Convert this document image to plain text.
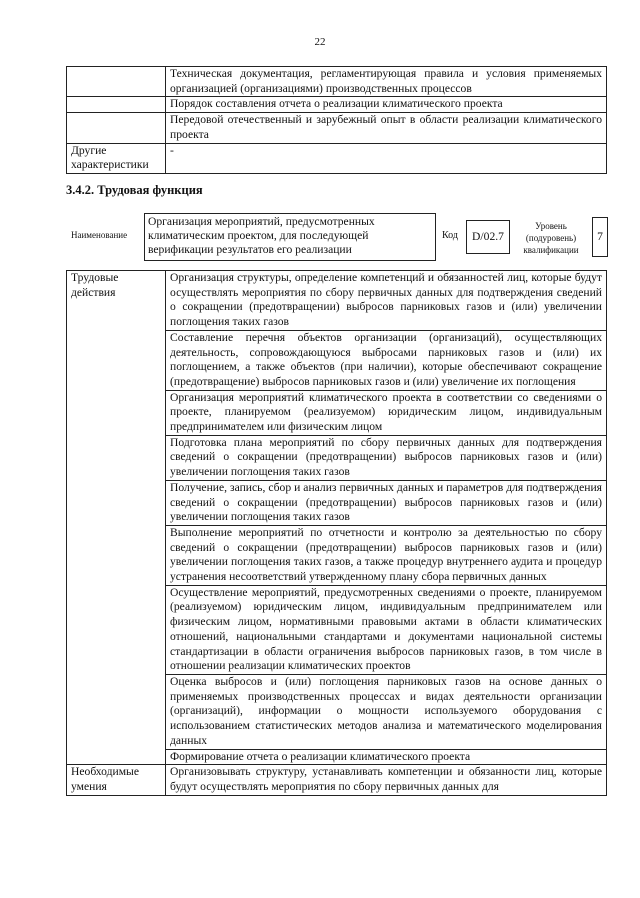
22
	Техническая документация, регламентирующая правила и условия применяемых организацией (организациями) производственных процессов
	Порядок составления отчета о реализации климатического проекта
	Передовой отечественный и зарубежный опыт в области реализации климатического проекта
Другие характеристики	-
3.4.2. Трудовая функция
Наименование
Организация мероприятий, предусмотренных климатическим проектом, для последующей верификации результатов его реализации
Код	D/02.7
Уровень (подуровень) квалификации
7
Трудовые действия	Организация структуры, определение компетенций и обязанностей лиц, которые будут осуществлять мероприятия по сбору первичных данных для подтверждения сведений о сокращении (предотвращении) выбросов парниковых газов и (или) увеличении поглощения таких газов
	Составление перечня объектов организации (организаций), осуществляющих деятельность, сопровождающуюся выбросами парниковых газов и (или) их поглощением, а также объектов (при наличии), которые обеспечивают сокращение (предотвращение) выбросов парниковых газов и (или) увеличение их поглощения
	Организация мероприятий климатического проекта в соответствии со сведениями о проекте, планируемом (реализуемом) юридическим лицом, индивидуальным предпринимателем или физическим лицом
	Подготовка плана мероприятий по сбору первичных данных для подтверждения сведений о сокращении (предотвращении) выбросов парниковых газов и (или) увеличении поглощения таких газов
	Получение, запись, сбор и анализ первичных данных и параметров для подтверждения сведений о сокращении (предотвращении) выбросов парниковых газов и (или) увеличении поглощения таких газов
	Выполнение мероприятий по отчетности и контролю за деятельностью по сбору сведений о сокращении (предотвращении) выбросов парниковых газов и (или) увеличении поглощения таких газов, а также процедур внутреннего аудита и процедур устранения несоответствий утвержденному плану сбора первичных данных
	Осуществление мероприятий, предусмотренных сведениями о проекте, планируемом (реализуемом) юридическим лицом, индивидуальным предпринимателем или физическим лицом, нормативными правовыми актами в области климатических отношений, национальными стандартами и документами национальной системы стандартизации в области ограничения выбросов парниковых газов, в том числе в отношении реализации климатических проектов
	Оценка выбросов и (или) поглощения парниковых газов на основе данных о применяемых производственных процессах и видах деятельности организации (организаций), информации о мощности используемого оборудования с использованием статистических методов анализа и математического моделирования данных
	Формирование отчета о реализации климатического проекта
Необходимые умения	Организовывать структуру, устанавливать компетенции и обязанности лиц, которые будут осуществлять мероприятия по сбору первичных данных для
